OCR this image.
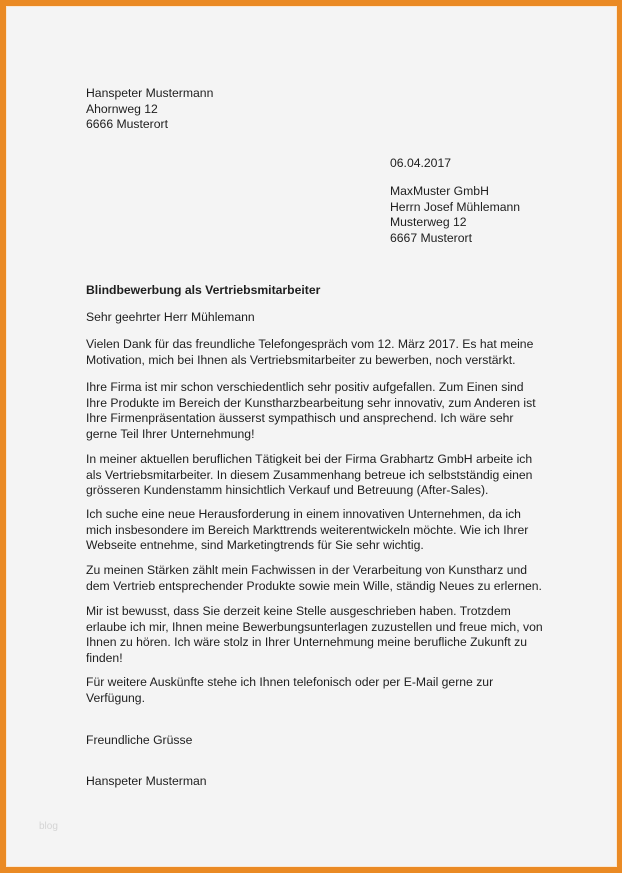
Hanspeter Mustermann
Ahornweg 12
6666 Musterort
06.04.2017
MaxMuster GmbH
Herrn Josef Mühlemann
Musterweg 12
6667 Musterort
Blindbewerbung als Vertriebsmitarbeiter
Sehr geehrter Herr Mühlemann
Vielen Dank für das freundliche Telefongespräch vom 12. März 2017. Es hat meine
Motivation, mich bei Ihnen als Vertriebsmitarbeiter zu bewerben, noch verstärkt.
Ihre Firma ist mir schon verschiedentlich sehr positiv aufgefallen. Zum Einen sind
Ihre Produkte im Bereich der Kunstharzbearbeitung sehr innovativ, zum Anderen ist
Ihre Firmenpräsentation äusserst sympathisch und ansprechend. Ich wäre sehr
gerne Teil Ihrer Unternehmung!
In meiner aktuellen beruflichen Tätigkeit bei der Firma Grabhartz GmbH arbeite ich
als Vertriebsmitarbeiter. In diesem Zusammenhang betreue ich selbstständig einen
grösseren Kundenstamm hinsichtlich Verkauf und Betreuung (After-Sales).
Ich suche eine neue Herausforderung in einem innovativen Unternehmen, da ich
mich insbesondere im Bereich Markttrends weiterentwickeln möchte. Wie ich Ihrer
Webseite entnehme, sind Marketingtrends für Sie sehr wichtig.
Zu meinen Stärken zählt mein Fachwissen in der Verarbeitung von Kunstharz und
dem Vertrieb entsprechender Produkte sowie mein Wille, ständig Neues zu erlernen.
Mir ist bewusst, dass Sie derzeit keine Stelle ausgeschrieben haben. Trotzdem
erlaube ich mir, Ihnen meine Bewerbungsunterlagen zuzustellen und freue mich, von
Ihnen zu hören. Ich wäre stolz in Ihrer Unternehmung meine berufliche Zukunft zu
finden!
Für weitere Auskünfte stehe ich Ihnen telefonisch oder per E-Mail gerne zur
Verfügung.
Freundliche Grüsse
Hanspeter Musterman
blog
